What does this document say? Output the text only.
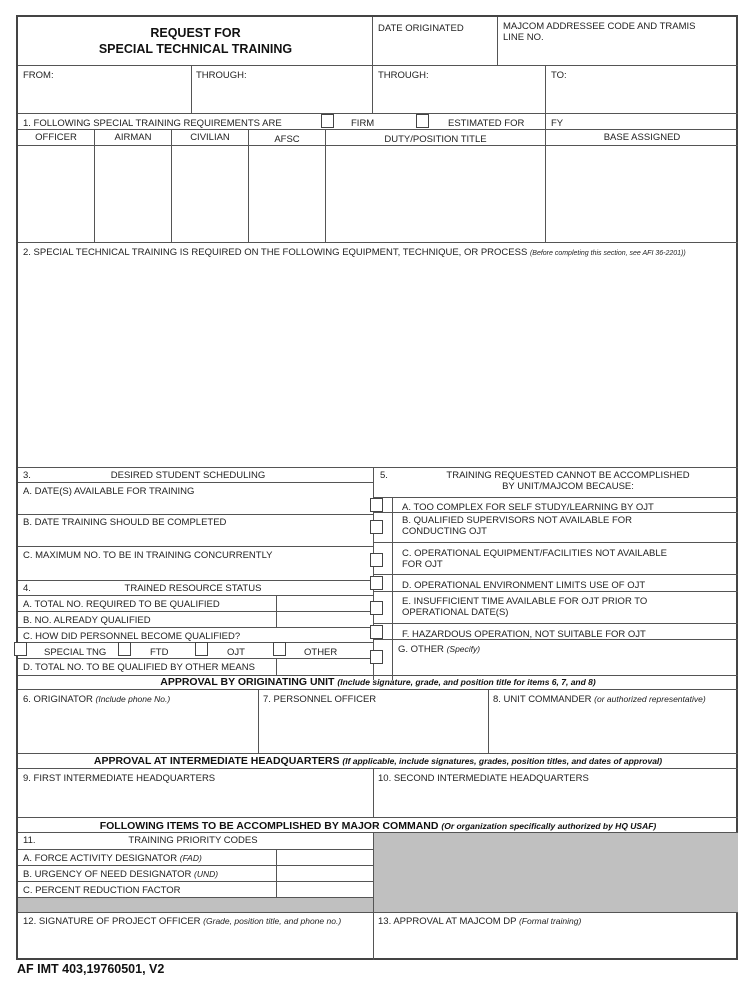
REQUEST FOR
SPECIAL TECHNICAL TRAINING
DATE ORIGINATED	MAJCOM ADDRESSEE CODE AND TRAMIS
LINE NO.
FROM:	THROUGH:	THROUGH:	TO:
1. FOLLOWING SPECIAL TRAINING REQUIREMENTS ARE	FIRM	ESTIMATED FOR	FY
OFFICER	AIRMAN	CIVILIAN	AFSC	DUTY/POSITION TITLE	BASE ASSIGNED
2. SPECIAL TECHNICAL TRAINING IS REQUIRED ON THE FOLLOWING EQUIPMENT, TECHNIQUE, OR PROCESS (Before completing this section, see AFI 36-2201))
3.	DESIRED STUDENT SCHEDULING
A. DATE(S) AVAILABLE FOR TRAINING
B. DATE TRAINING SHOULD BE COMPLETED
C. MAXIMUM NO. TO BE IN TRAINING CONCURRENTLY
4.	TRAINED RESOURCE STATUS
A. TOTAL NO. REQUIRED TO BE QUALIFIED
B. NO. ALREADY QUALIFIED
C. HOW DID PERSONNEL BECOME QUALIFIED?
SPECIAL TNG	FTD	OJT	OTHER
D. TOTAL NO. TO BE QUALIFIED BY OTHER MEANS
5.	TRAINING REQUESTED CANNOT BE ACCOMPLISHED
BY UNIT/MAJCOM BECAUSE:
A. TOO COMPLEX FOR SELF STUDY/LEARNING BY OJT
B. QUALIFIED SUPERVISORS NOT AVAILABLE FOR
CONDUCTING OJT
C. OPERATIONAL EQUIPMENT/FACILITIES NOT AVAILABLE
FOR OJT
D. OPERATIONAL ENVIRONMENT LIMITS USE OF OJT
E. INSUFFICIENT TIME AVAILABLE FOR OJT PRIOR TO
OPERATIONAL DATE(S)
F. HAZARDOUS OPERATION, NOT SUITABLE FOR OJT
G. OTHER (Specify)
APPROVAL BY ORIGINATING UNIT (Include signature, grade, and position title for items 6, 7, and 8)
6. ORIGINATOR (Include phone No.)	7. PERSONNEL OFFICER	8. UNIT COMMANDER (or authorized representative)
APPROVAL AT INTERMEDIATE HEADQUARTERS (If applicable, include signatures, grades, position titles, and dates of approval)
9. FIRST INTERMEDIATE HEADQUARTERS	10. SECOND INTERMEDIATE HEADQUARTERS
FOLLOWING ITEMS TO BE ACCOMPLISHED BY MAJOR COMMAND (Or organization specifically authorized by HQ USAF)
11.	TRAINING PRIORITY CODES
A. FORCE ACTIVITY DESIGNATOR (FAD)
B. URGENCY OF NEED DESIGNATOR (UND)
C. PERCENT REDUCTION FACTOR
12. SIGNATURE OF PROJECT OFFICER (Grade, position title, and phone no.)	13. APPROVAL AT MAJCOM DP (Formal training)
AF IMT 403,19760501, V2
